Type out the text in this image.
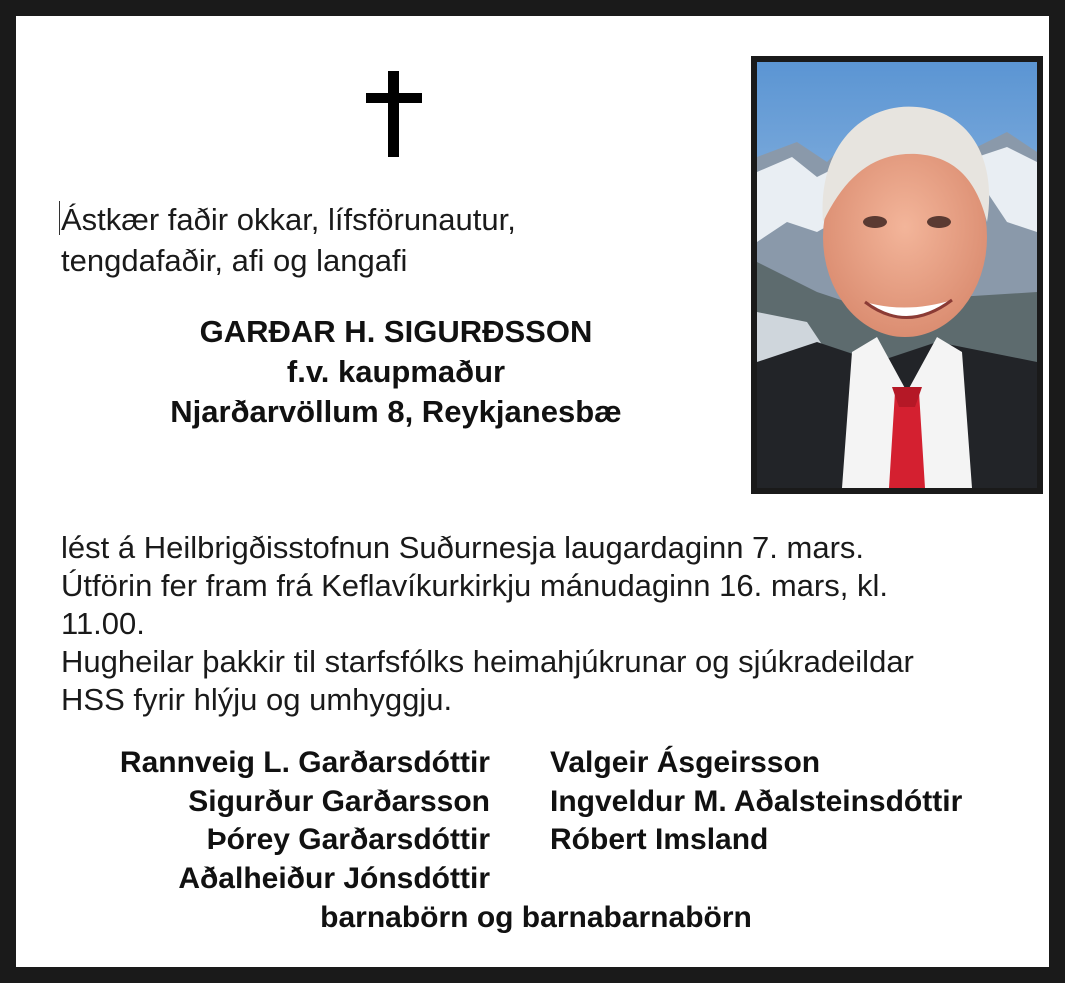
Ástkær faðir okkar, lífsförunautur,
tengdafaðir, afi og langafi
GARÐAR H. SIGURÐSSON
f.v. kaupmaður
Njarðarvöllum 8, Reykjanesbæ

lést á Heilbrigðisstofnun Suðurnesja laugardaginn 7. mars.

Útförin fer fram frá Keflavíkurkirkju mánudaginn 16. mars, kl.

11.00.

Hugheilar þakkir til starfsfólks heimahjúkrunar og sjúkradeildar

HSS fyrir hlýju og umhyggju.

Rannveig L. Garðarsdóttir
Sigurður Garðarsson
Þórey Garðarsdóttir
Aðalheiður Jónsdóttir
Valgeir Ásgeirsson
Ingveldur M. Aðalsteinsdóttir
Róbert Imsland
barnabörn og barnabarnabörn
